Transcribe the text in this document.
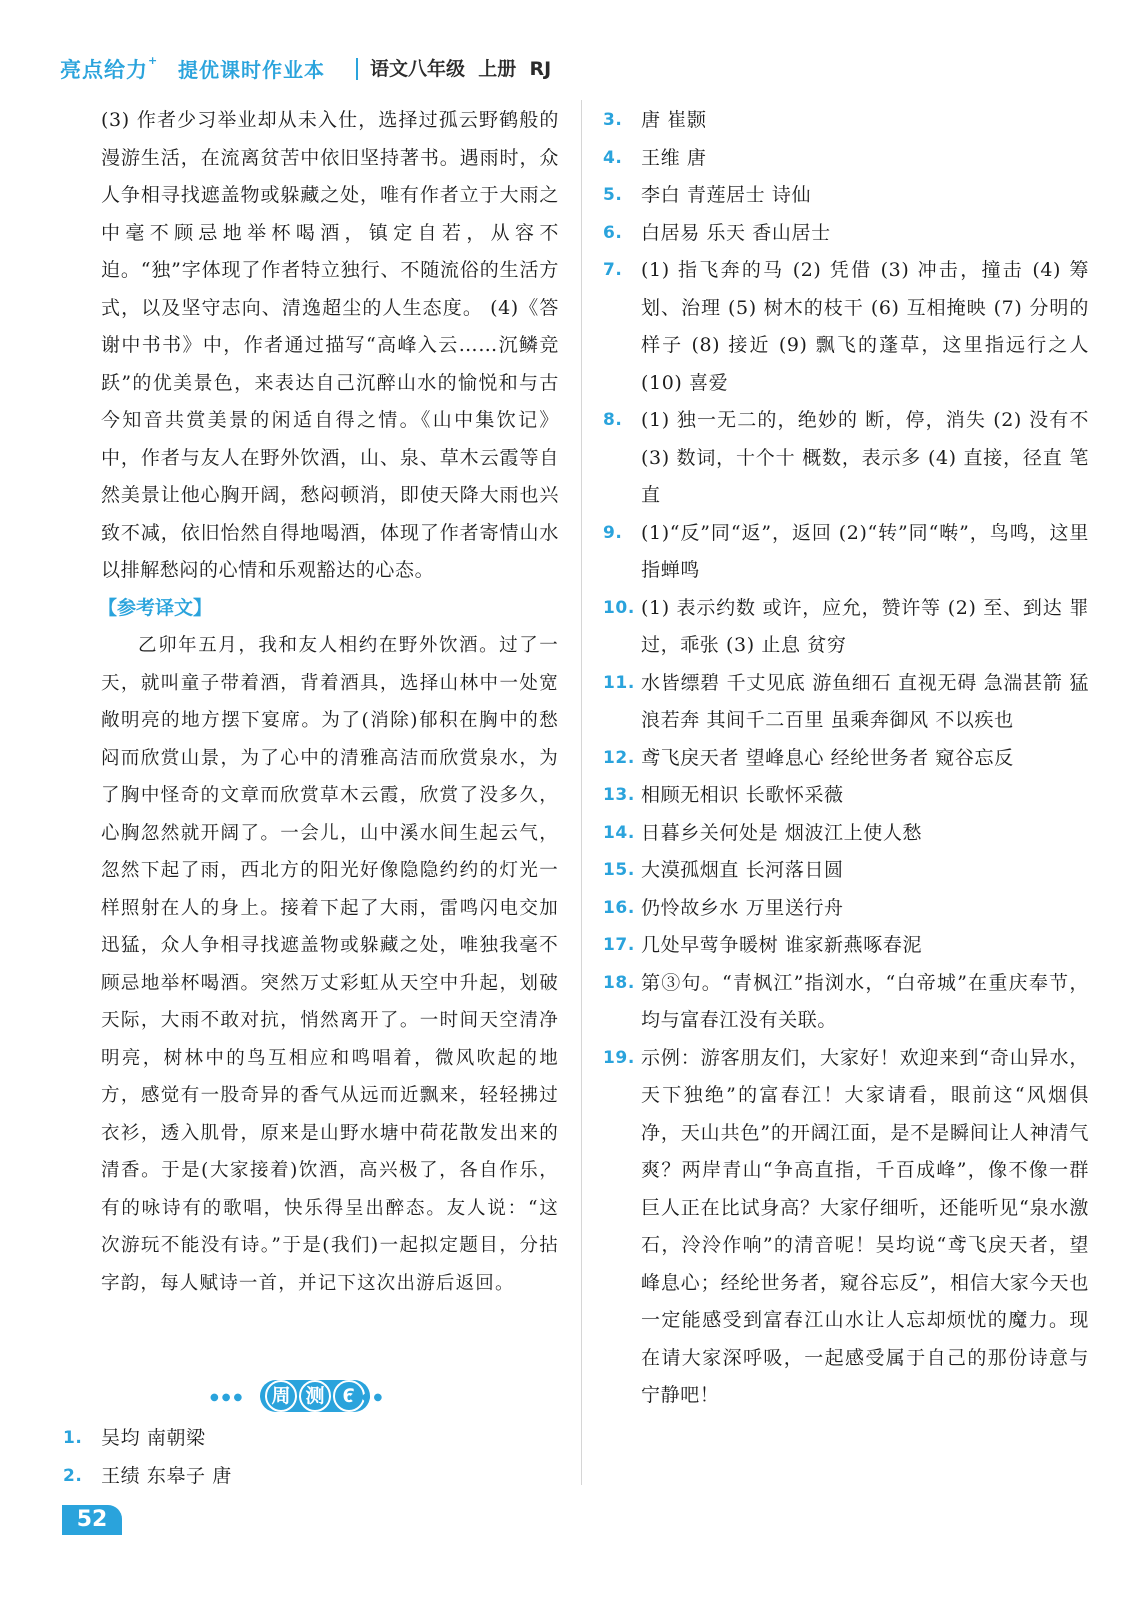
亮点给力+ 提优课时作业本 语文八年级  上册  RJ

(3) 作者少习举业却从未入仕，选择过孤云野鹤般的漫游生活，在流离贫苦中依旧坚持著书。遇雨时，众人争相寻找遮盖物或躲藏之处，唯有作者立于大雨之中毫不顾忌地举杯喝酒，镇定自若，从容不迫。“独”字体现了作者特立独行、不随流俗的生活方式，以及坚守志向、清逸超尘的人生态度。 (4)《答谢中书书》中，作者通过描写“高峰入云……沉鳞竞跃”的优美景色，来表达自己沉醉山水的愉悦和与古今知音共赏美景的闲适自得之情。《山中集饮记》中，作者与友人在野外饮酒，山、泉、草木云霞等自然美景让他心胸开阔，愁闷顿消，即使天降大雨也兴致不减，依旧怡然自得地喝酒，体现了作者寄情山水以排解愁闷的心情和乐观豁达的心态。

【参考译文】

乙卯年五月，我和友人相约在野外饮酒。过了一天，就叫童子带着酒，背着酒具，选择山林中一处宽敞明亮的地方摆下宴席。为了(消除)郁积在胸中的愁闷而欣赏山景，为了心中的清雅高洁而欣赏泉水，为了胸中怪奇的文章而欣赏草木云霞，欣赏了没多久，心胸忽然就开阔了。一会儿，山中溪水间生起云气，忽然下起了雨，西北方的阳光好像隐隐约约的灯光一样照射在人的身上。接着下起了大雨，雷鸣闪电交加迅猛，众人争相寻找遮盖物或躲藏之处，唯独我毫不顾忌地举杯喝酒。突然万丈彩虹从天空中升起，划破天际，大雨不敢对抗，悄然离开了。一时间天空清净明亮，树林中的鸟互相应和鸣唱着，微风吹起的地方，感觉有一股奇异的香气从远而近飘来，轻轻拂过衣衫，透入肌骨，原来是山野水塘中荷花散发出来的清香。于是(大家接着)饮酒，高兴极了，各自作乐，有的咏诗有的歌唱，快乐得呈出醉态。友人说：“这次游玩不能没有诗。”于是(我们)一起拟定题目，分拈字韵，每人赋诗一首，并记下这次出游后返回。

●●●	周 测 6
●●●
1. 吴均 南朝梁
2. 王绩 东皋子 唐
3. 唐 崔颢
4. 王维 唐
5. 李白 青莲居士 诗仙
6. 白居易 乐天 香山居士
7. (1) 指飞奔的马 (2) 凭借 (3) 冲击，撞击 (4) 筹划、治理 (5) 树木的枝干 (6) 互相掩映 (7) 分明的样子 (8) 接近 (9) 飘飞的蓬草，这里指远行之人 (10) 喜爱
8. (1) 独一无二的，绝妙的 断，停，消失 (2) 没有不 (3) 数词，十个十 概数，表示多 (4) 直接，径直 笔直
9. (1)“反”同“返”，返回 (2)“转”同“啭”，鸟鸣，这里指蝉鸣
10. (1) 表示约数 或许，应允，赞许等 (2) 至、到达 罪过，乖张 (3) 止息 贫穷
11. 水皆缥碧 千丈见底 游鱼细石 直视无碍 急湍甚箭 猛浪若奔 其间千二百里 虽乘奔御风 不以疾也
12. 鸢飞戾天者 望峰息心 经纶世务者 窥谷忘反
13. 相顾无相识 长歌怀采薇
14. 日暮乡关何处是 烟波江上使人愁
15. 大漠孤烟直 长河落日圆
16. 仍怜故乡水 万里送行舟
17. 几处早莺争暖树 谁家新燕啄春泥
18. 第③句。“青枫江”指浏水，“白帝城”在重庆奉节，均与富春江没有关联。
19. 示例：游客朋友们，大家好！欢迎来到“奇山异水，天下独绝”的富春江！大家请看，眼前这“风烟俱净，天山共色”的开阔江面，是不是瞬间让人神清气爽？两岸青山“争高直指，千百成峰”，像不像一群巨人正在比试身高？大家仔细听，还能听见“泉水激石，泠泠作响”的清音呢！吴均说“鸢飞戾天者，望峰息心；经纶世务者，窥谷忘反”，相信大家今天也一定能感受到富春江山水让人忘却烦忧的魔力。现在请大家深呼吸，一起感受属于自己的那份诗意与宁静吧！
52
